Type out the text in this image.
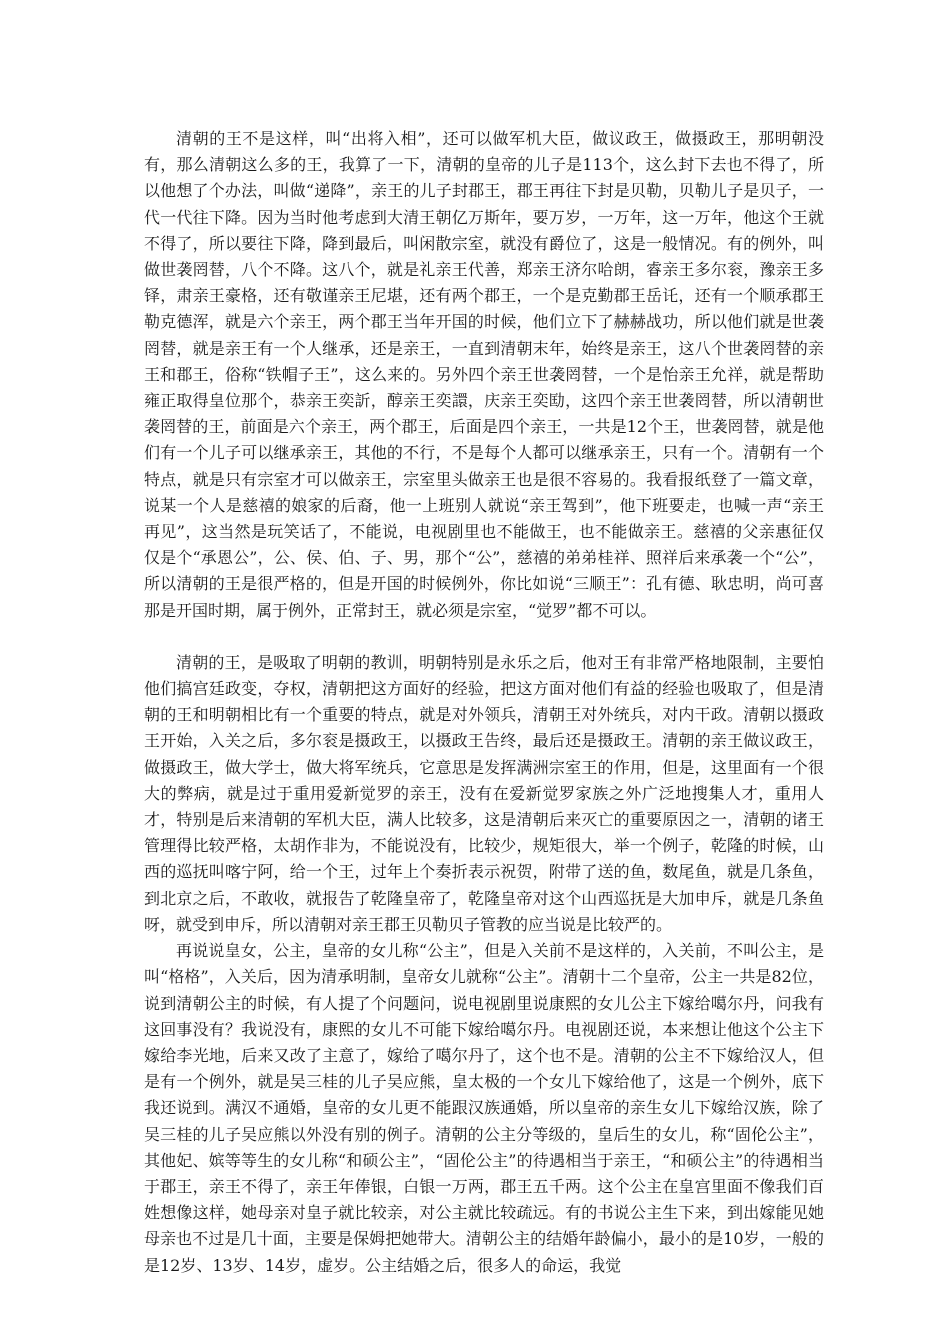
清朝的王不是这样，叫“出将入相”，还可以做军机大臣，做议政王，做摄政王，那明朝没有，那么清朝这么多的王，我算了一下，清朝的皇帝的儿子是113个，这么封下去也不得了，所以他想了个办法，叫做“递降”，亲王的儿子封郡王，郡王再往下封是贝勒，贝勒儿子是贝子，一代一代往下降。因为当时他考虑到大清王朝亿万斯年，要万岁，一万年，这一万年，他这个王就不得了，所以要往下降，降到最后，叫闲散宗室，就没有爵位了，这是一般情况。有的例外，叫做世袭罔替，八个不降。这八个，就是礼亲王代善，郑亲王济尔哈朗，睿亲王多尔衮，豫亲王多铎，肃亲王豪格，还有敬谨亲王尼堪，还有两个郡王，一个是克勤郡王岳讬，还有一个顺承郡王勒克德浑，就是六个亲王，两个郡王当年开国的时候，他们立下了赫赫战功，所以他们就是世袭罔替，就是亲王有一个人继承，还是亲王，一直到清朝末年，始终是亲王，这八个世袭罔替的亲王和郡王，俗称“铁帽子王”，这么来的。另外四个亲王世袭罔替，一个是怡亲王允祥，就是帮助雍正取得皇位那个，恭亲王奕訢，醇亲王奕譞，庆亲王奕劻，这四个亲王世袭罔替，所以清朝世袭罔替的王，前面是六个亲王，两个郡王，后面是四个亲王，一共是12个王，世袭罔替，就是他们有一个儿子可以继承亲王，其他的不行，不是每个人都可以继承亲王，只有一个。清朝有一个特点，就是只有宗室才可以做亲王，宗室里头做亲王也是很不容易的。我看报纸登了一篇文章，说某一个人是慈禧的娘家的后裔，他一上班别人就说“亲王驾到”，他下班要走，也喊一声“亲王再见”，这当然是玩笑话了，不能说，电视剧里也不能做王，也不能做亲王。慈禧的父亲惠征仅仅是个“承恩公”，公、侯、伯、子、男，那个“公”，慈禧的弟弟桂祥、照祥后来承袭一个“公”，所以清朝的王是很严格的，但是开国的时候例外，你比如说“三顺王”：孔有德、耿忠明，尚可喜那是开国时期，属于例外，正常封王，就必须是宗室，“觉罗”都不可以。

清朝的王，是吸取了明朝的教训，明朝特别是永乐之后，他对王有非常严格地限制，主要怕他们搞宫廷政变，夺权，清朝把这方面好的经验，把这方面对他们有益的经验也吸取了，但是清朝的王和明朝相比有一个重要的特点，就是对外领兵，清朝王对外统兵，对内干政。清朝以摄政王开始，入关之后，多尔衮是摄政王，以摄政王告终，最后还是摄政王。清朝的亲王做议政王，做摄政王，做大学士，做大将军统兵，它意思是发挥满洲宗室王的作用，但是，这里面有一个很大的弊病，就是过于重用爱新觉罗的亲王，没有在爱新觉罗家族之外广泛地搜集人才，重用人才，特别是后来清朝的军机大臣，满人比较多，这是清朝后来灭亡的重要原因之一，清朝的诸王管理得比较严格，太胡作非为，不能说没有，比较少，规矩很大，举一个例子，乾隆的时候，山西的巡抚叫喀宁阿，给一个王，过年上个奏折表示祝贺，附带了送的鱼，数尾鱼，就是几条鱼，到北京之后，不敢收，就报告了乾隆皇帝了，乾隆皇帝对这个山西巡抚是大加申斥，就是几条鱼呀，就受到申斥，所以清朝对亲王郡王贝勒贝子管教的应当说是比较严的。

再说说皇女，公主，皇帝的女儿称“公主”，但是入关前不是这样的，入关前，不叫公主，是叫“格格”，入关后，因为清承明制，皇帝女儿就称“公主”。清朝十二个皇帝，公主一共是82位，说到清朝公主的时候，有人提了个问题问，说电视剧里说康熙的女儿公主下嫁给噶尔丹，问我有这回事没有？我说没有，康熙的女儿不可能下嫁给噶尔丹。电视剧还说，本来想让他这个公主下嫁给李光地，后来又改了主意了，嫁给了噶尔丹了，这个也不是。清朝的公主不下嫁给汉人，但是有一个例外，就是吴三桂的儿子吴应熊，皇太极的一个女儿下嫁给他了，这是一个例外，底下我还说到。满汉不通婚，皇帝的女儿更不能跟汉族通婚，所以皇帝的亲生女儿下嫁给汉族，除了吴三桂的儿子吴应熊以外没有别的例子。清朝的公主分等级的，皇后生的女儿，称“固伦公主”，其他妃、嫔等等生的女儿称“和硕公主”，“固伦公主”的待遇相当于亲王，“和硕公主”的待遇相当于郡王，亲王不得了，亲王年俸银，白银一万两，郡王五千两。这个公主在皇宫里面不像我们百姓想像这样，她母亲对皇子就比较亲，对公主就比较疏远。有的书说公主生下来，到出嫁能见她母亲也不过是几十面，主要是保姆把她带大。清朝公主的结婚年龄偏小，最小的是10岁，一般的是12岁、13岁、14岁，虚岁。公主结婚之后，很多人的命运，我觉
